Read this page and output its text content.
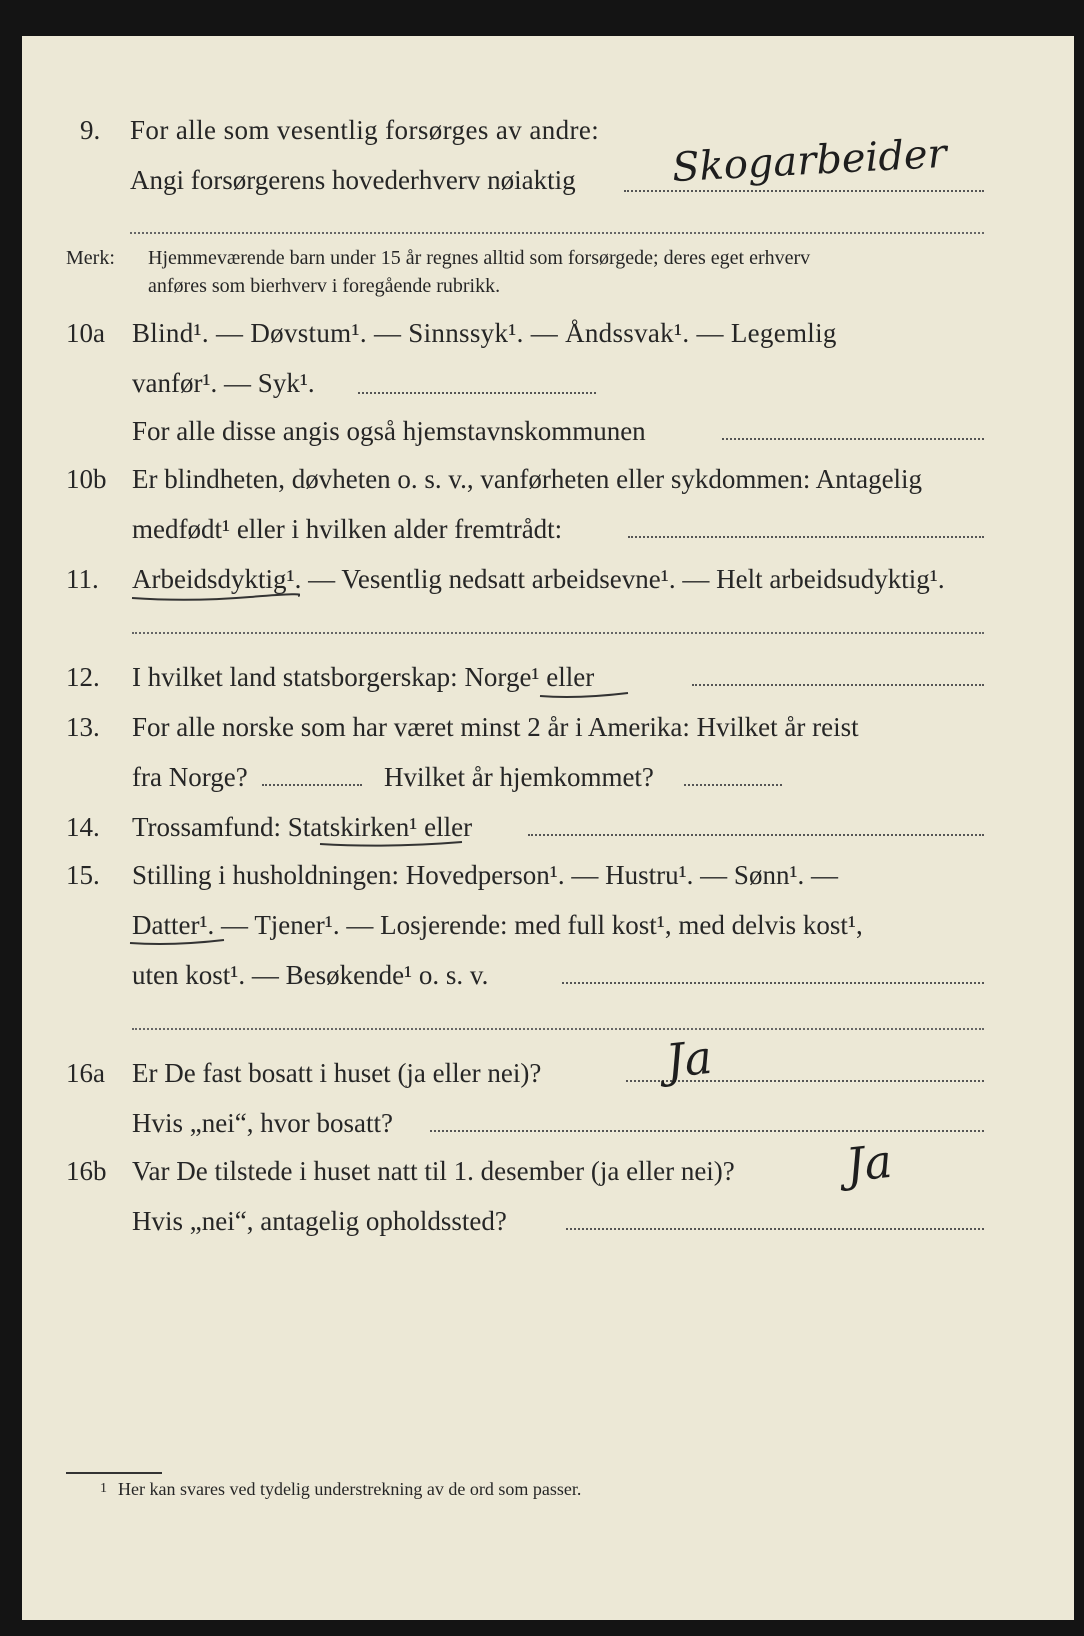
9. For alle som vesentlig forsørges av andre:
Angi forsørgerens hovederhverv nøiaktig Skogarbeider
Merk: Hjemmeværende barn under 15 år regnes alltid som forsørgede; deres eget erhverv
anføres som bierhverv i foregående rubrikk.
10a Blind¹. — Døvstum¹. — Sinnssyk¹. — Åndssvak¹. — Legemlig
vanfør¹. — Syk¹.
For alle disse angis også hjemstavnskommunen
10b Er blindheten, døvheten o. s. v., vanførheten eller sykdommen: Antagelig
medfødt¹ eller i hvilken alder fremtrådt:
11. Arbeidsdyktig¹. — Vesentlig nedsatt arbeidsevne¹. — Helt arbeidsudyktig¹.
12. I hvilket land statsborgerskap: Norge¹ eller
13. For alle norske som har været minst 2 år i Amerika: Hvilket år reist
fra Norge?	Hvilket år hjemkommet?
14. Trossamfund: Statskirken¹ eller
15. Stilling i husholdningen: Hovedperson¹. — Hustru¹. — Sønn¹. —
Datter¹. — Tjener¹. — Losjerende: med full kost¹, med delvis kost¹,
uten kost¹. — Besøkende¹ o. s. v.
16a Er De fast bosatt i huset (ja eller nei)?	Ja
Hvis „nei“, hvor bosatt?
16b Var De tilstede i huset natt til 1. desember (ja eller nei)? Ja
Hvis „nei“, antagelig opholdssted?
1 Her kan svares ved tydelig understrekning av de ord som passer.
